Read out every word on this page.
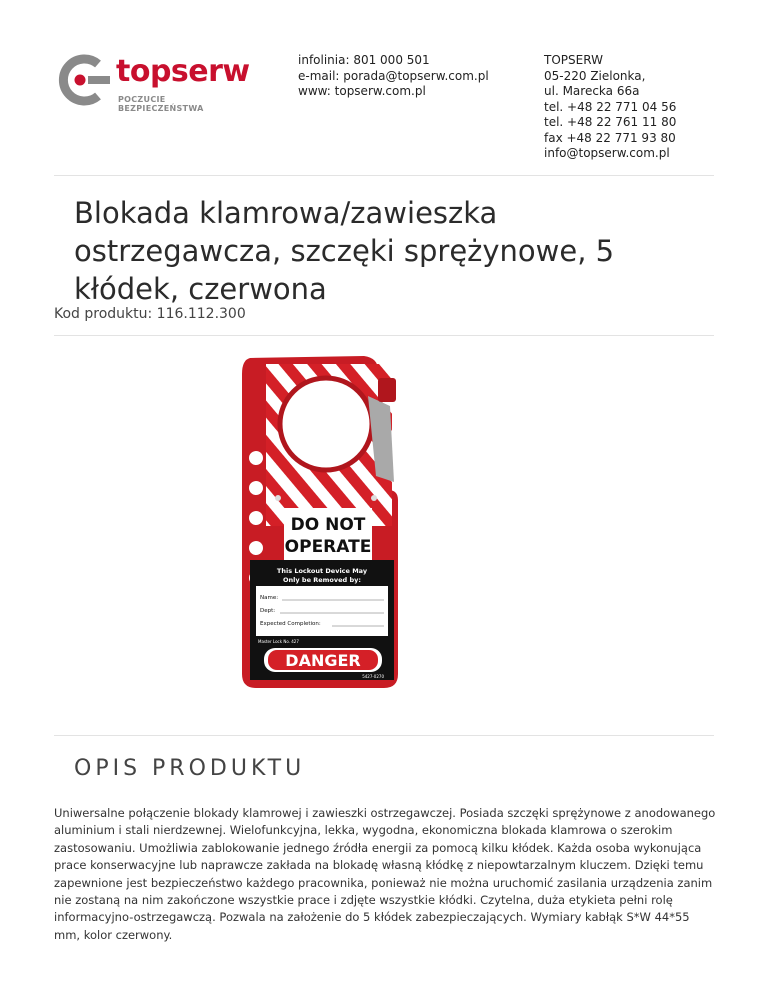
topserw
POCZUCIE BEZPIECZEŃSTWA
infolinia: 801 000 501
e-mail: porada@topserw.com.pl
www: topserw.com.pl
TOPSERW
05-220 Zielonka,
ul. Marecka 66a
tel. +48 22 771 04 56
tel. +48 22 761 11 80
fax +48 22 771 93 80
info@topserw.com.pl
Blokada klamrowa/zawieszka ostrzegawcza, szczęki sprężynowe, 5 kłódek, czerwona
Kod produktu: 116.112.300
DO NOT
OPERATE
This Lockout Device May
Only be Removed by:
Name:
Dept:
Expected Completion:
Master Lock No. 427
DANGER
5427-0270
OPIS PRODUKTU

Uniwersalne połączenie blokady klamrowej i zawieszki ostrzegawczej. Posiada szczęki sprężynowe z anodowanego aluminium i stali nierdzewnej. Wielofunkcyjna, lekka, wygodna, ekonomiczna blokada klamrowa o szerokim zastosowaniu. Umożliwia zablokowanie jednego źródła energii za pomocą kilku kłódek. Każda osoba wykonująca prace konserwacyjne lub naprawcze zakłada na blokadę własną kłódkę z niepowtarzalnym kluczem. Dzięki temu zapewnione jest bezpieczeństwo każdego pracownika, ponieważ nie można uruchomić zasilania urządzenia zanim nie zostaną na nim zakończone wszystkie prace i zdjęte wszystkie kłódki. Czytelna, duża etykieta pełni rolę informacyjno-ostrzegawczą. Pozwala na założenie do 5 kłódek zabezpieczających. Wymiary kabłąk S*W 44*55 mm, kolor czerwony.
